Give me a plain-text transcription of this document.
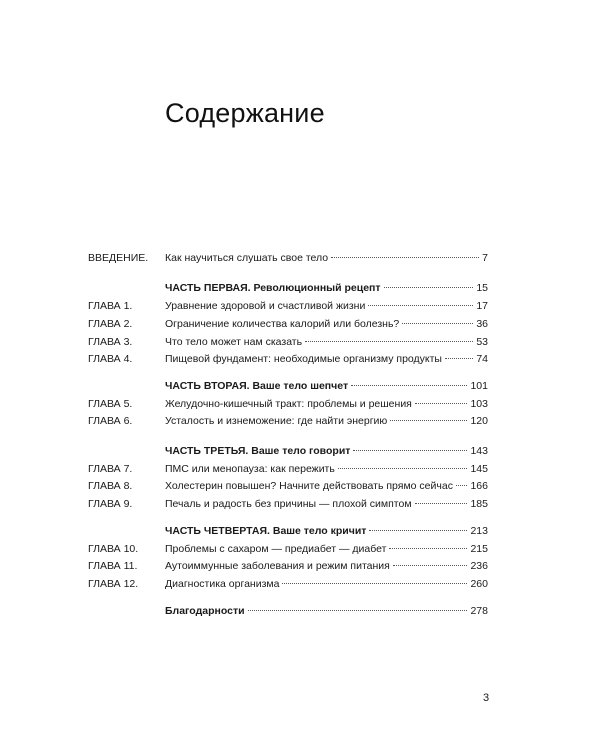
Содержание
ВВЕДЕНИЕ. Как научиться слушать свое тело	7
ЧАСТЬ ПЕРВАЯ. Революционный рецепт	15
ГЛАВА 1.	Уравнение здоровой и счастливой жизни	17
ГЛАВА 2.	Ограничение количества калорий или болезнь?	36
ГЛАВА 3.	Что тело может нам сказать	53
ГЛАВА 4.	Пищевой фундамент: необходимые организму продукты	74
ЧАСТЬ ВТОРАЯ. Ваше тело шепчет	101
ГЛАВА 5.	Желудочно-кишечный тракт: проблемы и решения	103
ГЛАВА 6.	Усталость и изнеможение: где найти энергию	120
ЧАСТЬ ТРЕТЬЯ. Ваше тело говорит	143
ГЛАВА 7.	ПМС или менопауза: как пережить	145
ГЛАВА 8.	Холестерин повышен? Начните действовать прямо сейчас 166
ГЛАВА 9.	Печаль и радость без причины — плохой симптом	185
ЧАСТЬ ЧЕТВЕРТАЯ. Ваше тело кричит	213
ГЛАВА 10.	Проблемы с сахаром — предиабет — диабет	215
ГЛАВА 11.	Аутоиммунные заболевания и режим питания	236
ГЛАВА 12.	Диагностика организма	260
Благодарности	278
3
